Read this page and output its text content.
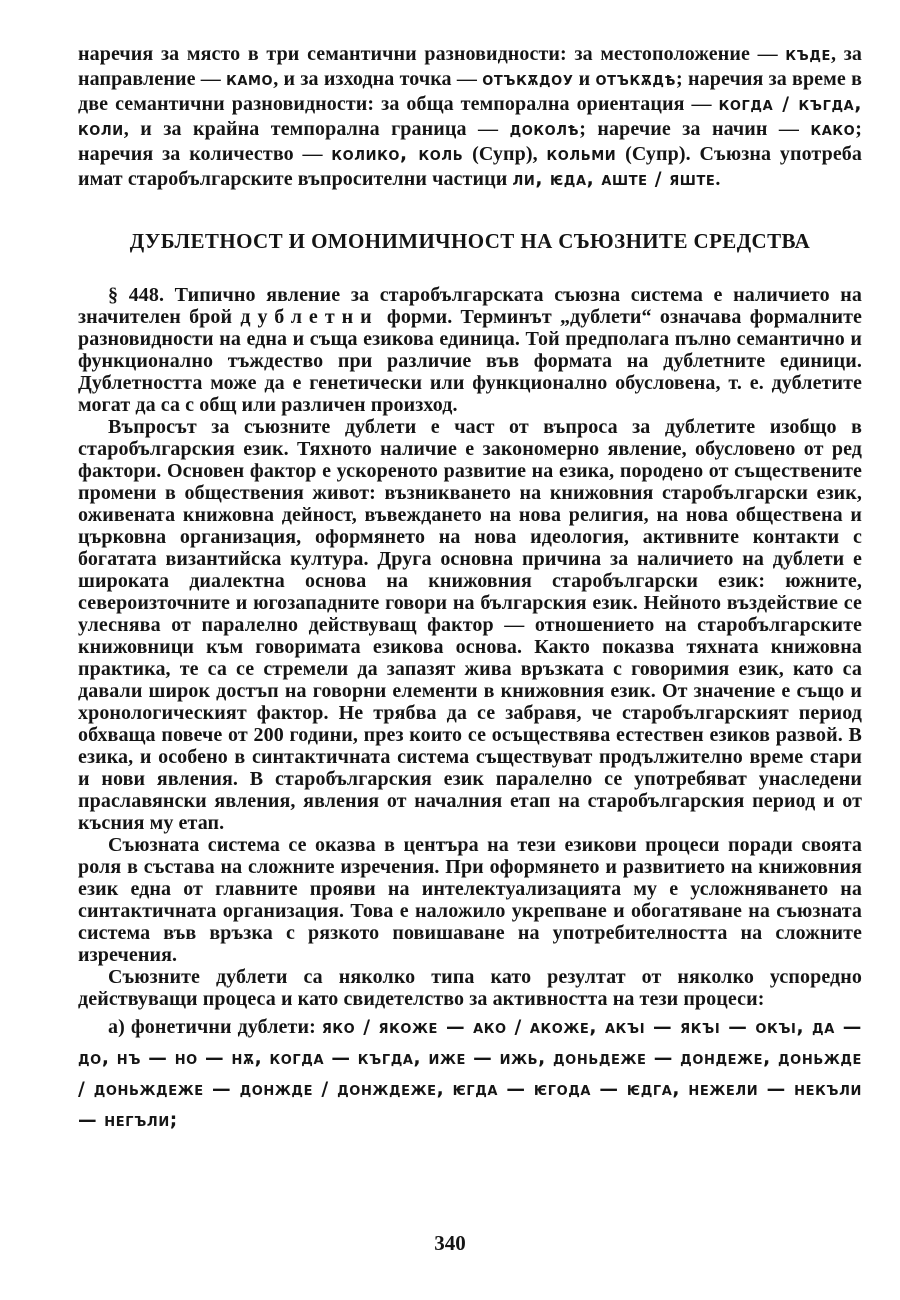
наречия за място в три семантични разновидности: за местоположение — къде, за направление — камо, и за изходна точка — отъкѫдоу и отъкѫдѣ; наречия за време в две семантични разновидности: за обща темпорална ориентация — когда / къгда, коли, и за крайна темпорална граница — доколѣ; наречие за начин — како; наречия за количество — колико, коль (Супр), кольми (Супр). Съюзна употреба имат старобългарските въпросителни частици ли, ѥда, аште / яште.

ДУБЛЕТНОСТ И ОМОНИМИЧНОСТ НА СЪЮЗНИТЕ СРЕДСТВА

§ 448. Типично явление за старобългарската съюзна система е наличието на значителен брой дублетни форми. Терминът „дублети“ означава формалните разновидности на една и съща езикова единица. Той предполага пълно семантично и функционално тъждество при различие във формата на дублетните единици. Дублетността може да е генетически или функционално обусловена, т. е. дублетите могат да са с общ или различен произход.

Въпросът за съюзните дублети е част от въпроса за дублетите изобщо в старобългарския език. Тяхното наличие е закономерно явление, обусловено от ред фактори. Основен фактор е ускореното развитие на езика, породено от съществените промени в обществения живот: възникването на книжовния старобългарски език, оживената книжовна дейност, въвеждането на нова религия, на нова обществена и църковна организация, оформянето на нова идеология, активните контакти с богатата византийска култура. Друга основна причина за наличието на дублети е широката диалектна основа на книжовния старобългарски език: южните, североизточните и югозападните говори на българския език. Нейното въздействие се улеснява от паралелно действуващ фактор — отношението на старобългарските книжовници към говоримата езикова основа. Както показва тяхната книжовна практика, те са се стремели да запазят жива връзката с говоримия език, като са давали широк достъп на говорни елементи в книжовния език. От значение е също и хронологическият фактор. Не трябва да се забравя, че старобългарският период обхваща повече от 200 години, през които се осъществява естествен езиков развой. В езика, и особено в синтактичната система съществуват продължително време стари и нови явления. В старобългарския език паралелно се употребяват унаследени праславянски явления, явления от началния етап на старобългарския период и от късния му етап.

Съюзната система се оказва в центъра на тези езикови процеси поради своята роля в състава на сложните изречения. При оформянето и развитието на книжовния език една от главните прояви на интелектуализацията му е усложняването на синтактичната организация. Това е наложило укрепване и обогатяване на съюзната система във връзка с рязкото повишаване на употребителността на сложните изречения.

Съюзните дублети са няколко типа като резултат от няколко успоредно действуващи процеса и като свидетелство за активността на тези процеси:

а) фонетични дублети: яко / якоже — ако / акоже, акъі — якъі — окъі, да — до, нъ — но — нѫ, когда — къгда, иже — ижь, доньдеже — дондеже, доньжде / доньждеже — донжде / донждеже, ѥгда — ѥгода — ѥдга, нежели — некъли — негъли;

340
